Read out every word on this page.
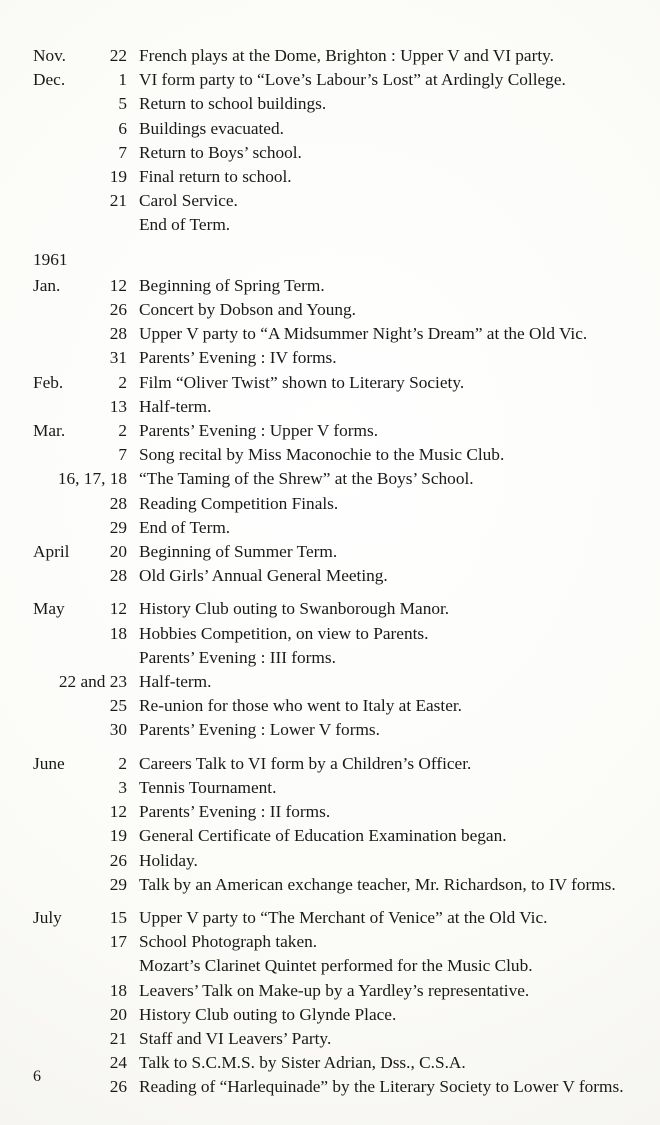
Nov.	22	French plays at the Dome, Brighton : Upper V and VI party.

Dec.	1	VI form party to “Love’s Labour’s Lost” at Ardingly College.

	5	Return to school buildings.

	6	Buildings evacuated.

	7	Return to Boys’ school.

	19	Final return to school.

	21	Carol Service.

		End of Term.

1961		
Jan.	12	Beginning of Spring Term.

	26	Concert by Dobson and Young.

	28	Upper V party to “A Midsummer Night’s Dream” at the Old Vic.

	31	Parents’ Evening : IV forms.

Feb.	2	Film “Oliver Twist” shown to Literary Society.

	13	Half-term.

Mar.	2	Parents’ Evening : Upper V forms.

	7	Song recital by Miss Maconochie to the Music Club.

16, 17, 18		“The Taming of the Shrew” at the Boys’ School.

	28	Reading Competition Finals.

	29	End of Term.

April	20	Beginning of Summer Term.

	28	Old Girls’ Annual General Meeting.

May	12	History Club outing to Swanborough Manor.

	18	Hobbies Competition, on view to Parents.

		Parents’ Evening : III forms.

22 and 23		Half-term.

	25	Re-union for those who went to Italy at Easter.

	30	Parents’ Evening : Lower V forms.

June	2	Careers Talk to VI form by a Children’s Officer.

	3	Tennis Tournament.

	12	Parents’ Evening : II forms.

	19	General Certificate of Education Examination began.

	26	Holiday.

	29	Talk by an American exchange teacher, Mr. Richardson, to IV forms.

July	15	Upper V party to “The Merchant of Venice” at the Old Vic.

	17	School Photograph taken.

		Mozart’s Clarinet Quintet performed for the Music Club.

	18	Leavers’ Talk on Make-up by a Yardley’s representative.

	20	History Club outing to Glynde Place.

	21	Staff and VI Leavers’ Party.

	24	Talk to S.C.M.S. by Sister Adrian, Dss., C.S.A.

	26	Reading of “Harlequinade” by the Literary Society to Lower V forms.
6
